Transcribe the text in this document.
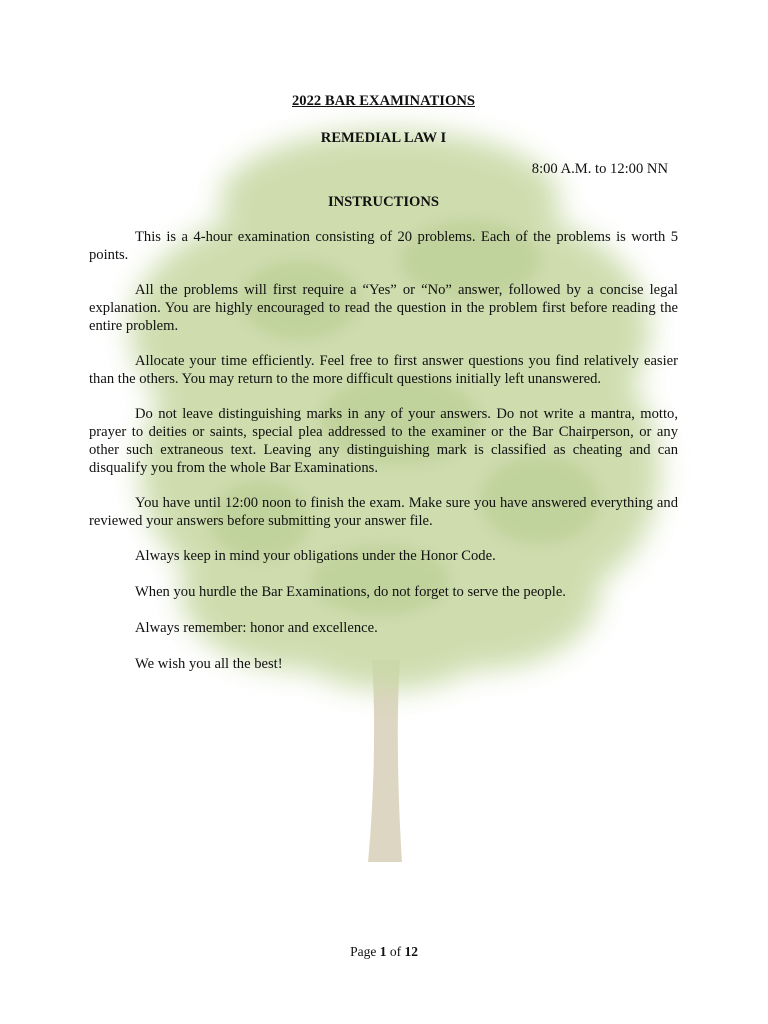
2022 BAR EXAMINATIONS

REMEDIAL LAW I

8:00 A.M. to 12:00 NN

INSTRUCTIONS

This is a 4-hour examination consisting of 20 problems. Each of the problems is worth 5 points.

All the problems will first require a “Yes” or “No” answer, followed by a concise legal explanation. You are highly encouraged to read the question in the problem first before reading the entire problem.

Allocate your time efficiently. Feel free to first answer questions you find relatively easier than the others. You may return to the more difficult questions initially left unanswered.

Do not leave distinguishing marks in any of your answers. Do not write a mantra, motto, prayer to deities or saints, special plea addressed to the examiner or the Bar Chairperson, or any other such extraneous text. Leaving any distinguishing mark is classified as cheating and can disqualify you from the whole Bar Examinations.

You have until 12:00 noon to finish the exam. Make sure you have answered everything and reviewed your answers before submitting your answer file.

Always keep in mind your obligations under the Honor Code.

When you hurdle the Bar Examinations, do not forget to serve the people.

Always remember: honor and excellence.

We wish you all the best!

Page 1 of 12
